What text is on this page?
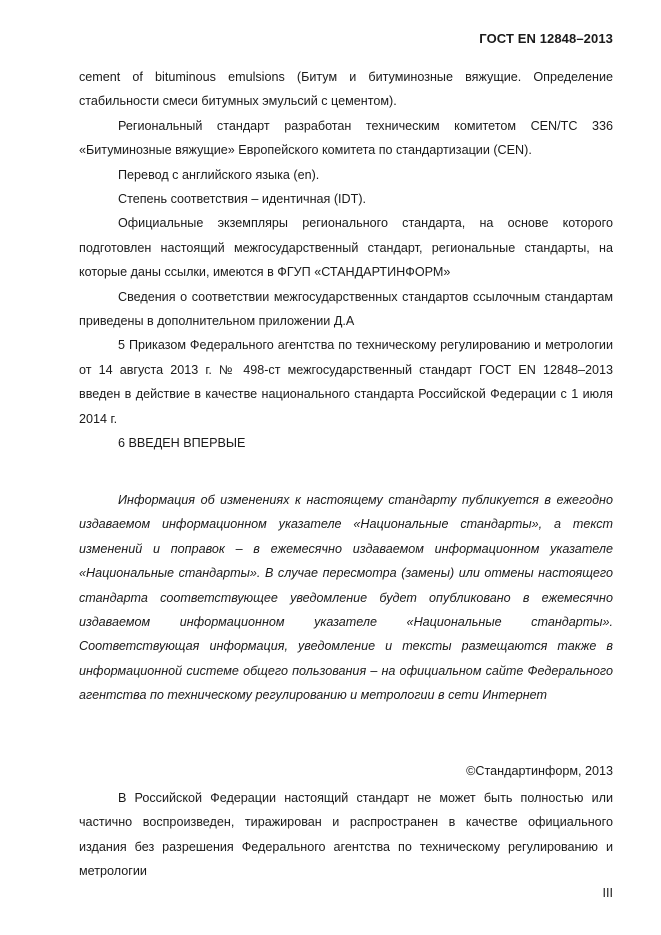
ГОСТ EN 12848–2013

cement of bituminous emulsions (Битум и битуминозные вяжущие. Определение стабильности смеси битумных эмульсий с цементом).

Региональный стандарт разработан техническим комитетом CEN/TC 336 «Битуминозные вяжущие» Европейского комитета по стандартизации (CEN).

Перевод с английского языка (en).

Степень соответствия – идентичная (IDT).

Официальные экземпляры регионального стандарта, на основе которого подготовлен настоящий межгосударственный стандарт, региональные стандарты, на которые даны ссылки, имеются в ФГУП «СТАНДАРТИНФОРМ»

Сведения о соответствии межгосударственных стандартов ссылочным стандартам приведены в дополнительном приложении Д.А

5 Приказом Федерального агентства по техническому регулированию и метрологии от 14 августа 2013 г. № 498-ст межгосударственный стандарт ГОСТ EN 12848–2013 введен в действие в качестве национального стандарта Российской Федерации с 1 июля 2014 г.

6 ВВЕДЕН ВПЕРВЫЕ

Информация об изменениях к настоящему стандарту публикуется в ежегодно издаваемом информационном указателе «Национальные стандарты», а текст изменений и поправок – в ежемесячно издаваемом информационном указателе «Национальные стандарты». В случае пересмотра (замены) или отмены настоящего стандарта соответствующее уведомление будет опубликовано в ежемесячно издаваемом информационном указателе «Национальные стандарты». Соответствующая информация, уведомление и тексты размещаются также в информационной системе общего пользования – на официальном сайте Федерального агентства по техническому регулированию и метрологии в сети Интернет

©Стандартинформ, 2013

В Российской Федерации настоящий стандарт не может быть полностью или частично воспроизведен, тиражирован и распространен в качестве официального издания без разрешения Федерального агентства по техническому регулированию и метрологии

III
